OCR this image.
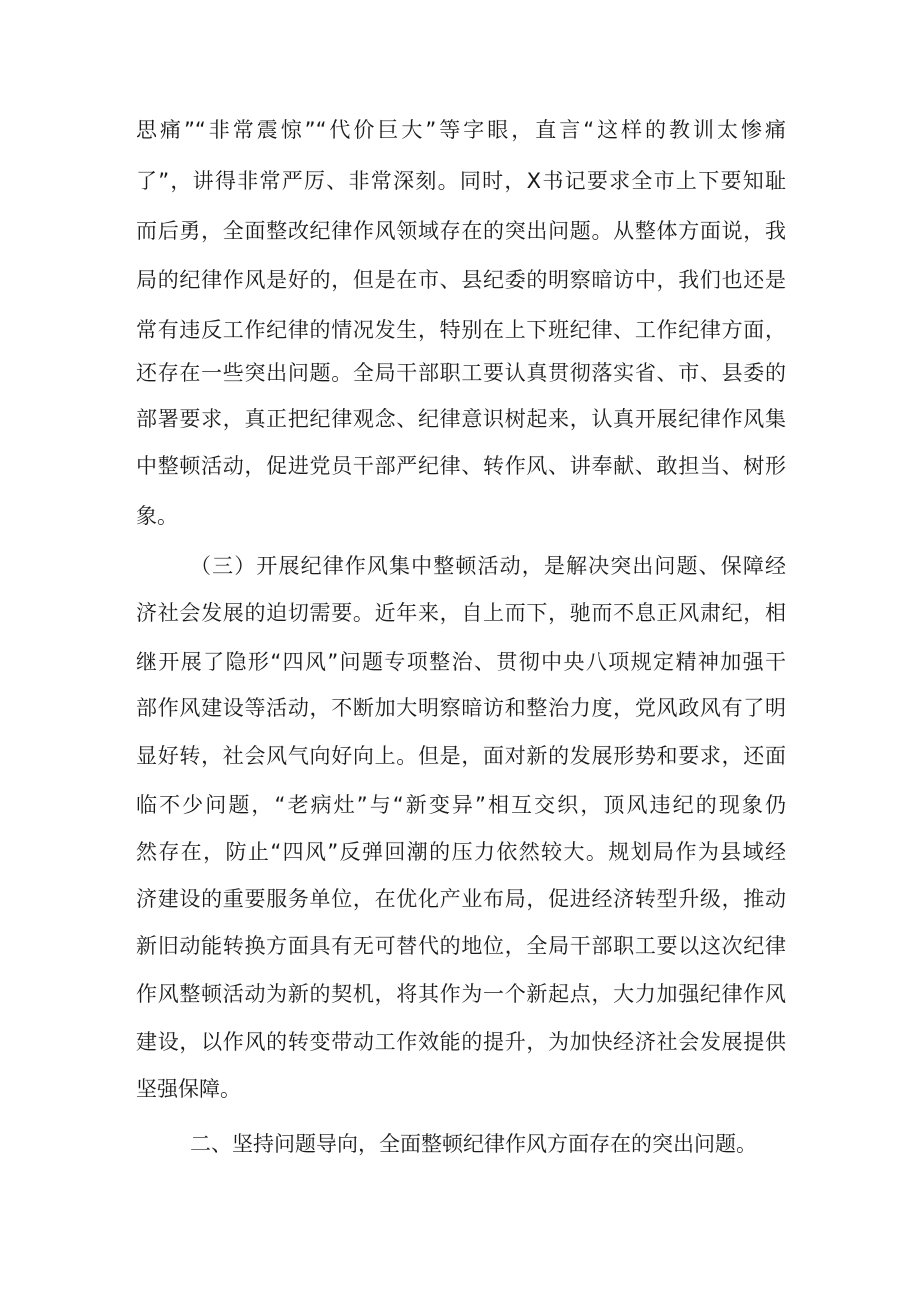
思痛”“非常震惊”“代价巨大”等字眼，直言“这样的教训太惨痛
了”，讲得非常严厉、非常深刻。同时，X书记要求全市上下要知耻
而后勇，全面整改纪律作风领域存在的突出问题。从整体方面说，我
局的纪律作风是好的，但是在市、县纪委的明察暗访中，我们也还是
常有违反工作纪律的情况发生，特别在上下班纪律、工作纪律方面，
还存在一些突出问题。全局干部职工要认真贯彻落实省、市、县委的
部署要求，真正把纪律观念、纪律意识树起来，认真开展纪律作风集
中整顿活动，促进党员干部严纪律、转作风、讲奉献、敢担当、树形
象。
（三）开展纪律作风集中整顿活动，是解决突出问题、保障经
济社会发展的迫切需要。近年来，自上而下，驰而不息正风肃纪，相
继开展了隐形“四风”问题专项整治、贯彻中央八项规定精神加强干
部作风建设等活动，不断加大明察暗访和整治力度，党风政风有了明
显好转，社会风气向好向上。但是，面对新的发展形势和要求，还面
临不少问题，“老病灶”与“新变异”相互交织，顶风违纪的现象仍
然存在，防止“四风”反弹回潮的压力依然较大。规划局作为县域经
济建设的重要服务单位，在优化产业布局，促进经济转型升级，推动
新旧动能转换方面具有无可替代的地位，全局干部职工要以这次纪律
作风整顿活动为新的契机，将其作为一个新起点，大力加强纪律作风
建设，以作风的转变带动工作效能的提升，为加快经济社会发展提供
坚强保障。
二、坚持问题导向，全面整顿纪律作风方面存在的突出问题。
